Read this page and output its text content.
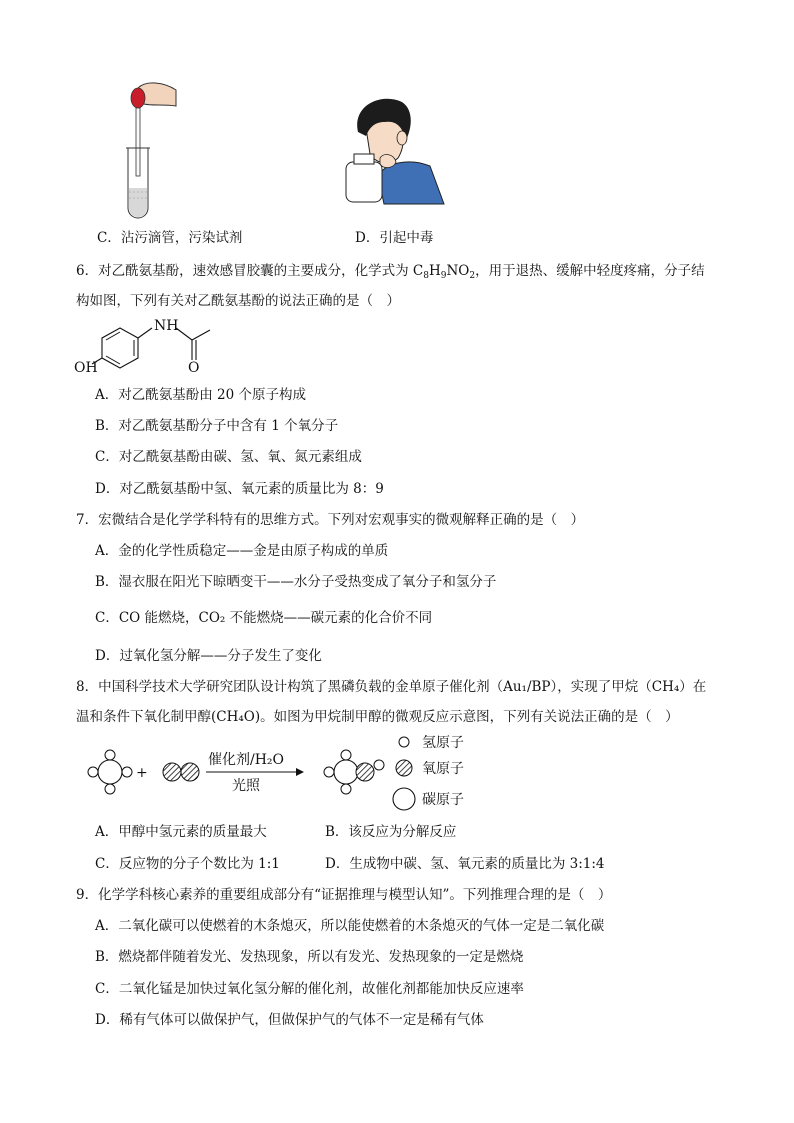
C．沾污滴管，污染试剂	D．引起中毒
6．对乙酰氨基酚，速效感冒胶囊的主要成分，化学式为 $C_8H_9NO_2$，用于退热、缓解中轻度疼痛，分子结
构如图，下列有关对乙酰氨基酚的说法正确的是（　）
NH
OH	O
A．对乙酰氨基酚由 20 个原子构成
B．对乙酰氨基酚分子中含有 1 个氧分子
C．对乙酰氨基酚由碳、氢、氧、氮元素组成
D．对乙酰氨基酚中氢、氧元素的质量比为 8：9
7．宏微结合是化学学科特有的思维方式。下列对宏观事实的微观解释正确的是（　）
A．金的化学性质稳定——金是由原子构成的单质
B．湿衣服在阳光下晾晒变干——水分子受热变成了氧分子和氢分子
C．CO 能燃烧，CO₂ 不能燃烧——碳元素的化合价不同
D．过氧化氢分解——分子发生了变化
8．中国科学技术大学研究团队设计构筑了黑磷负载的金单原子催化剂（Au₁/BP），实现了甲烷（CH₄）在
温和条件下氧化制甲醇(CH₄O)。如图为甲烷制甲醇的微观反应示意图，下列有关说法正确的是（　）
+
催化剂/H₂O
光照
氢原子
氧原子
碳原子
A．甲醇中氢元素的质量最大	B．该反应为分解反应
C．反应物的分子个数比为 1:1	D．生成物中碳、氢、氧元素的质量比为 3:1:4
9．化学学科核心素养的重要组成部分有“证据推理与模型认知”。下列推理合理的是（　）
A．二氧化碳可以使燃着的木条熄灭，所以能使燃着的木条熄灭的气体一定是二氧化碳
B．燃烧都伴随着发光、发热现象，所以有发光、发热现象的一定是燃烧
C．二氧化锰是加快过氧化氢分解的催化剂，故催化剂都能加快反应速率
D．稀有气体可以做保护气，但做保护气的气体不一定是稀有气体
